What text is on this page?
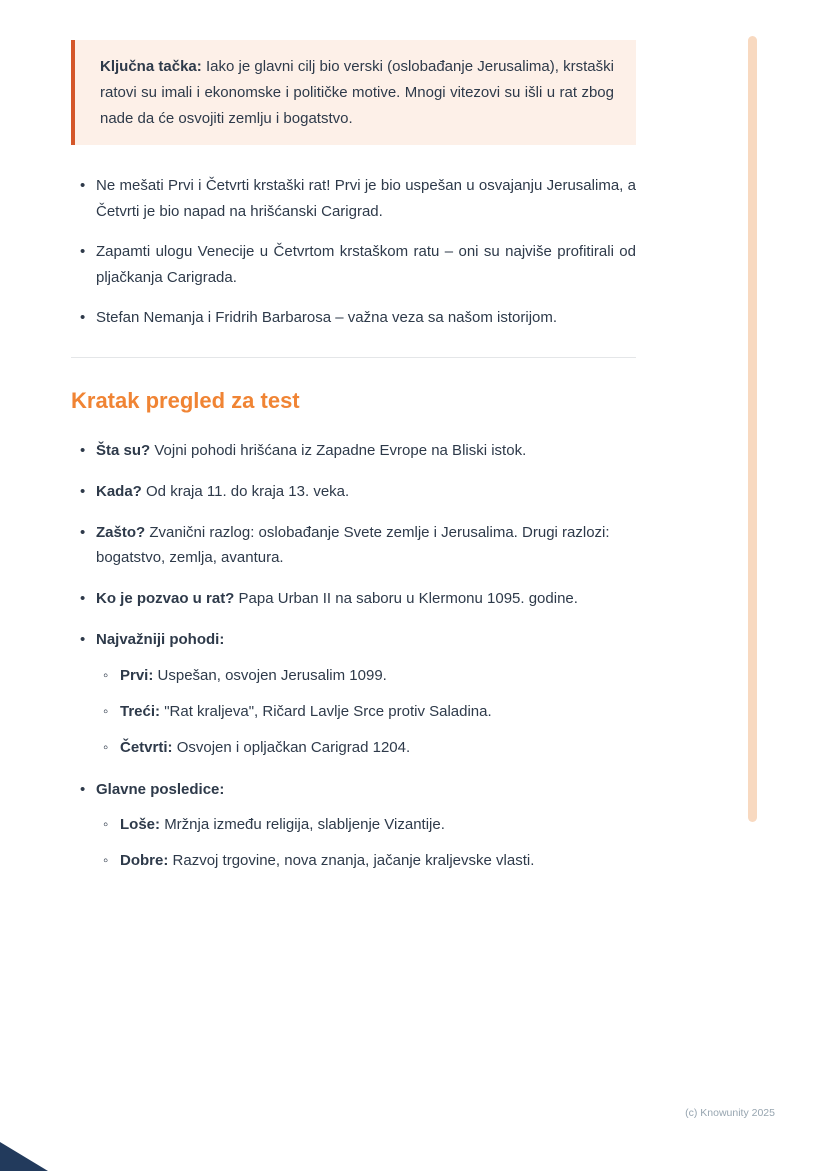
Ključna tačka: Iako je glavni cilj bio verski (oslobađanje Jerusalima), krstaški ratovi su imali i ekonomske i političke motive. Mnogi vitezovi su išli u rat zbog nade da će osvojiti zemlju i bogatstvo.
• Ne mešati Prvi i Četvrti krstaški rat! Prvi je bio uspešan u osvajanju Jerusalima, a Četvrti je bio napad na hrišćanski Carigrad.
• Zapamti ulogu Venecije u Četvrtom krstaškom ratu – oni su najviše profitirali od pljačkanja Carigrada.
• Stefan Nemanja i Fridrih Barbarosa – važna veza sa našom istorijom.
Kratak pregled za test
• Šta su? Vojni pohodi hrišćana iz Zapadne Evrope na Bliski istok.
• Kada? Od kraja 11. do kraja 13. veka.
• Zašto? Zvanični razlog: oslobađanje Svete zemlje i Jerusalima. Drugi razlozi: bogatstvo, zemlja, avantura.
• Ko je pozvao u rat? Papa Urban II na saboru u Klermonu 1095. godine.
• Najvažniji pohodi:
◦ Prvi: Uspešan, osvojen Jerusalim 1099.
◦ Treći: "Rat kraljeva", Ričard Lavlje Srce protiv Saladina.
◦ Četvrti: Osvojen i opljačkan Carigrad 1204.
• Glavne posledice:
◦ Loše: Mržnja između religija, slabljenje Vizantije.
◦ Dobre: Razvoj trgovine, nova znanja, jačanje kraljevske vlasti.
(c) Knowunity 2025
